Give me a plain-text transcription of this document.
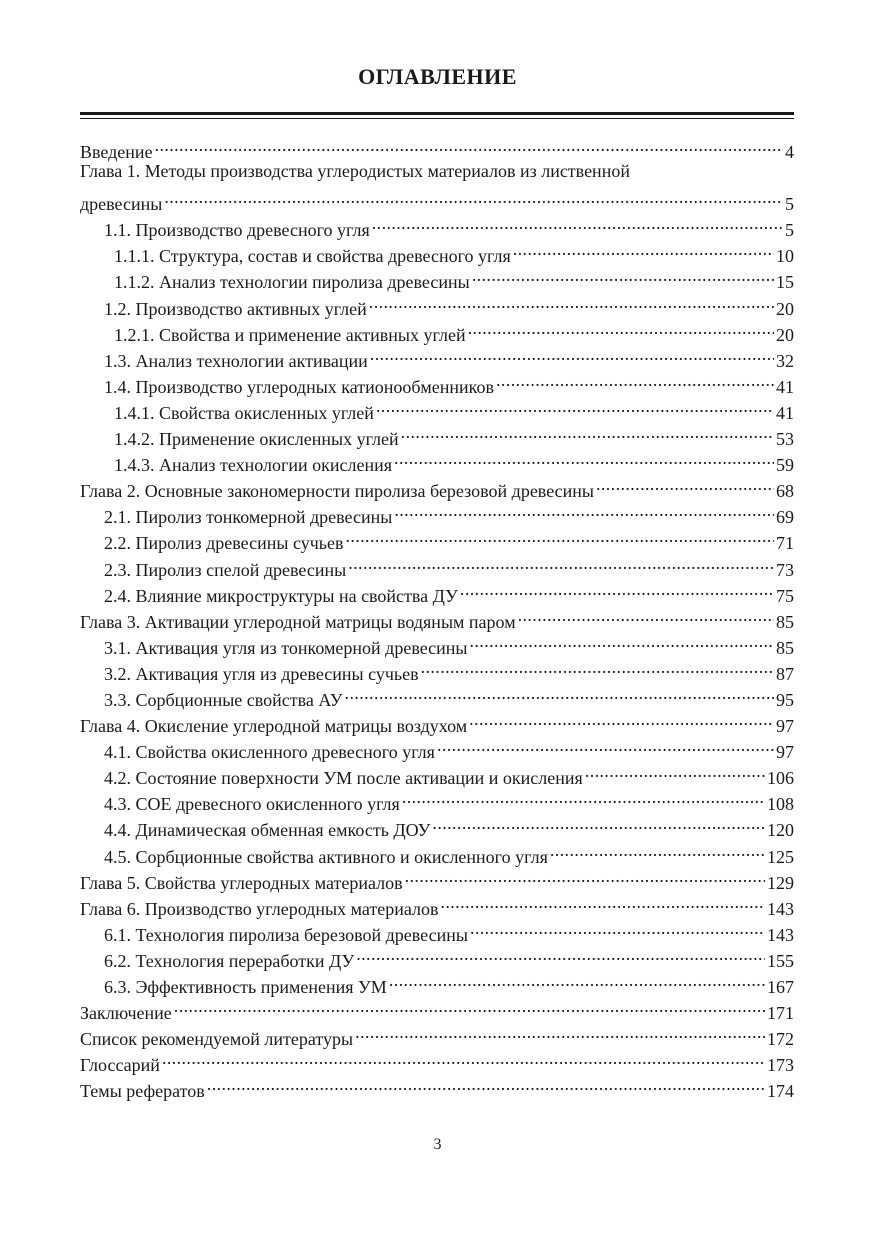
ОГЛАВЛЕНИЕ
Введение .....	4
Глава 1. Методы производства углеродистых материалов из лиственной
древесины .....	5
1.1. Производство древесного угля .....	5
1.1.1. Структура, состав и свойства древесного угля .....	10
1.1.2. Анализ технологии пиролиза древесины .....	15
1.2. Производство активных углей .....	20
1.2.1. Свойства и применение активных углей .....	20
1.3. Анализ технологии активации .....	32
1.4. Производство углеродных катионообменников .....	41
1.4.1. Свойства окисленных углей .....	41
1.4.2. Применение окисленных углей .....	53
1.4.3. Анализ технологии окисления .....	59
Глава 2. Основные закономерности пиролиза березовой древесины .....	68
2.1. Пиролиз тонкомерной древесины .....	69
2.2. Пиролиз древесины сучьев .....	71
2.3. Пиролиз спелой древесины .....	73
2.4. Влияние микроструктуры на свойства ДУ .....	75
Глава 3. Активации углеродной матрицы водяным паром .....	85
3.1. Активация угля из тонкомерной древесины .....	85
3.2. Активация угля из древесины сучьев .....	87
3.3. Сорбционные свойства АУ .....	95
Глава 4. Окисление углеродной матрицы воздухом .....	97
4.1. Свойства окисленного древесного угля .....	97
4.2. Состояние поверхности УМ после активации и окисления .....	106
4.3. СОЕ древесного окисленного угля .....	108
4.4. Динамическая обменная емкость ДОУ .....	120
4.5. Сорбционные свойства активного и окисленного угля .....	125
Глава 5. Свойства углеродных материалов .....	129
Глава 6. Производство углеродных материалов .....	143
6.1. Технология пиролиза березовой древесины .....	143
6.2. Технология переработки ДУ .....	155
6.3. Эффективность применения УМ .....	167
Заключение .....	171
Список рекомендуемой литературы .....	172
Глоссарий .....	173
Темы рефератов .....	174
3
